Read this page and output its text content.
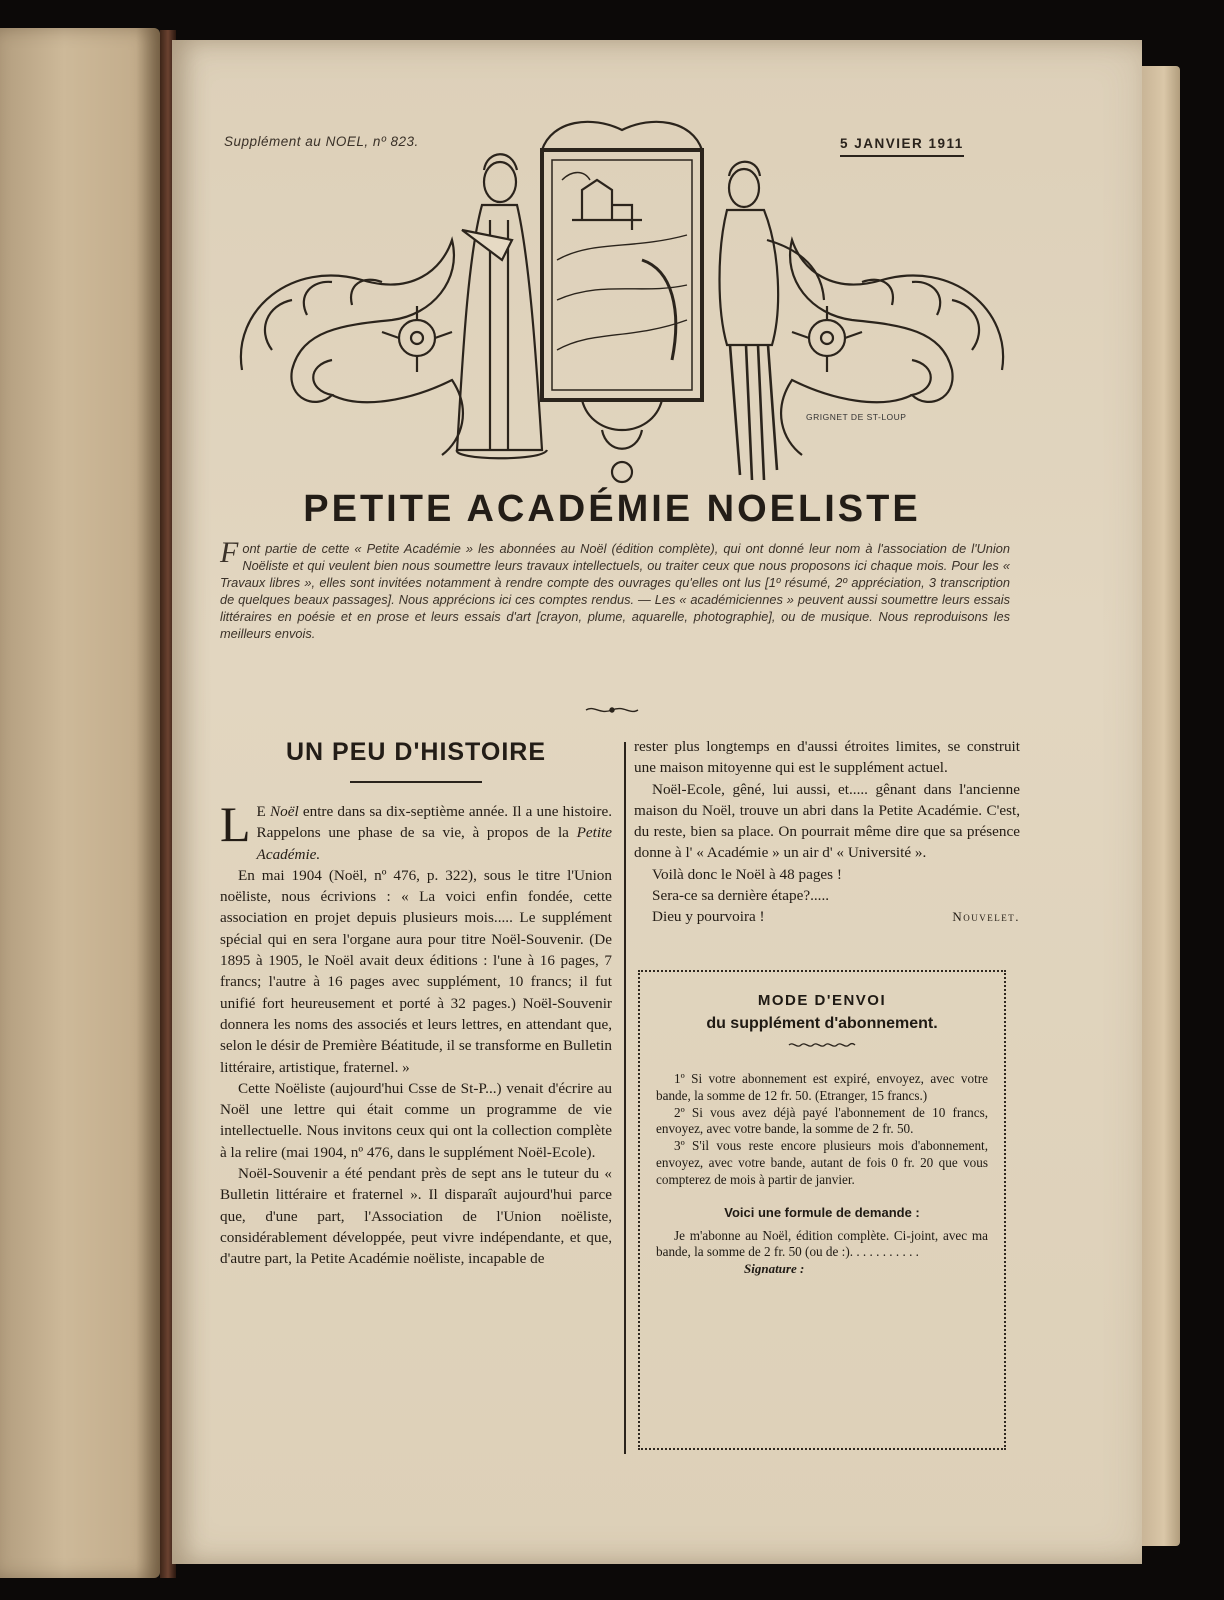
Supplément au NOEL, nº 823.	5 JANVIER 1911
GRIGNET DE ST-LOUP
PETITE ACADÉMIE NOELISTE
Font partie de cette « Petite Académie » les abonnées au Noël (édition complète), qui ont donné leur nom à l'association de l'Union Noëliste et qui veulent bien nous soumettre leurs travaux intellectuels, ou traiter ceux que nous proposons ici chaque mois. Pour les « Travaux libres », elles sont invitées notamment à rendre compte des ouvrages qu'elles ont lus [1º résumé, 2º appréciation, 3 transcription de quelques beaux passages]. Nous apprécions ici ces comptes rendus. — Les « académiciennes » peuvent aussi soumettre leurs essais littéraires en poésie et en prose et leurs essais d'art [crayon, plume, aquarelle, photographie], ou de musique. Nous reproduisons les meilleurs envois.
UN PEU D'HISTOIRE

L E Noël entre dans sa dix-septième année. Il a une histoire. Rappelons une phase de sa vie, à propos de la Petite Académie.

En mai 1904 (Noël, nº 476, p. 322), sous le titre l'Union noëliste, nous écrivions : « La voici enfin fondée, cette association en projet depuis plusieurs mois..... Le supplément spécial qui en sera l'organe aura pour titre Noël-Souvenir. (De 1895 à 1905, le Noël avait deux éditions : l'une à 16 pages, 7 francs; l'autre à 16 pages avec supplément, 10 francs; il fut unifié fort heureusement et porté à 32 pages.) Noël-Souvenir donnera les noms des associés et leurs lettres, en attendant que, selon le désir de Première Béatitude, il se transforme en Bulletin littéraire, artistique, fraternel. »

Cette Noëliste (aujourd'hui Csse de St-P...) venait d'écrire au Noël une lettre qui était comme un programme de vie intellectuelle. Nous invitons ceux qui ont la collection complète à la relire (mai 1904, nº 476, dans le supplément Noël-Ecole).

Noël-Souvenir a été pendant près de sept ans le tuteur du « Bulletin littéraire et fraternel ». Il disparaît aujourd'hui parce que, d'une part, l'Association de l'Union noëliste, considérablement développée, peut vivre indépendante, et que, d'autre part, la Petite Académie noëliste, incapable de

rester plus longtemps en d'aussi étroites limites, se construit une maison mitoyenne qui est le supplément actuel.

Noël-Ecole, gêné, lui aussi, et..... gênant dans l'ancienne maison du Noël, trouve un abri dans la Petite Académie. C'est, du reste, bien sa place. On pourrait même dire que sa présence donne à l' « Académie » un air d' « Université ».

Voilà donc le Noël à 48 pages !

Sera-ce sa dernière étape?.....

Dieu y pourvoira !	Nouvelet.

MODE D'ENVOI
du supplément d'abonnement.

1º Si votre abonnement est expiré, envoyez, avec votre bande, la somme de 12 fr. 50. (Etranger, 15 francs.)

2º Si vous avez déjà payé l'abonnement de 10 francs, envoyez, avec votre bande, la somme de 2 fr. 50.

3º S'il vous reste encore plusieurs mois d'abonnement, envoyez, avec votre bande, autant de fois 0 fr. 20 que vous compterez de mois à partir de janvier.

Voici une formule de demande :

Je m'abonne au Noël, édition complète. Ci-joint, avec ma bande, la somme de 2 fr. 50 (ou de :). . . . . . . . . . .

Signature :
